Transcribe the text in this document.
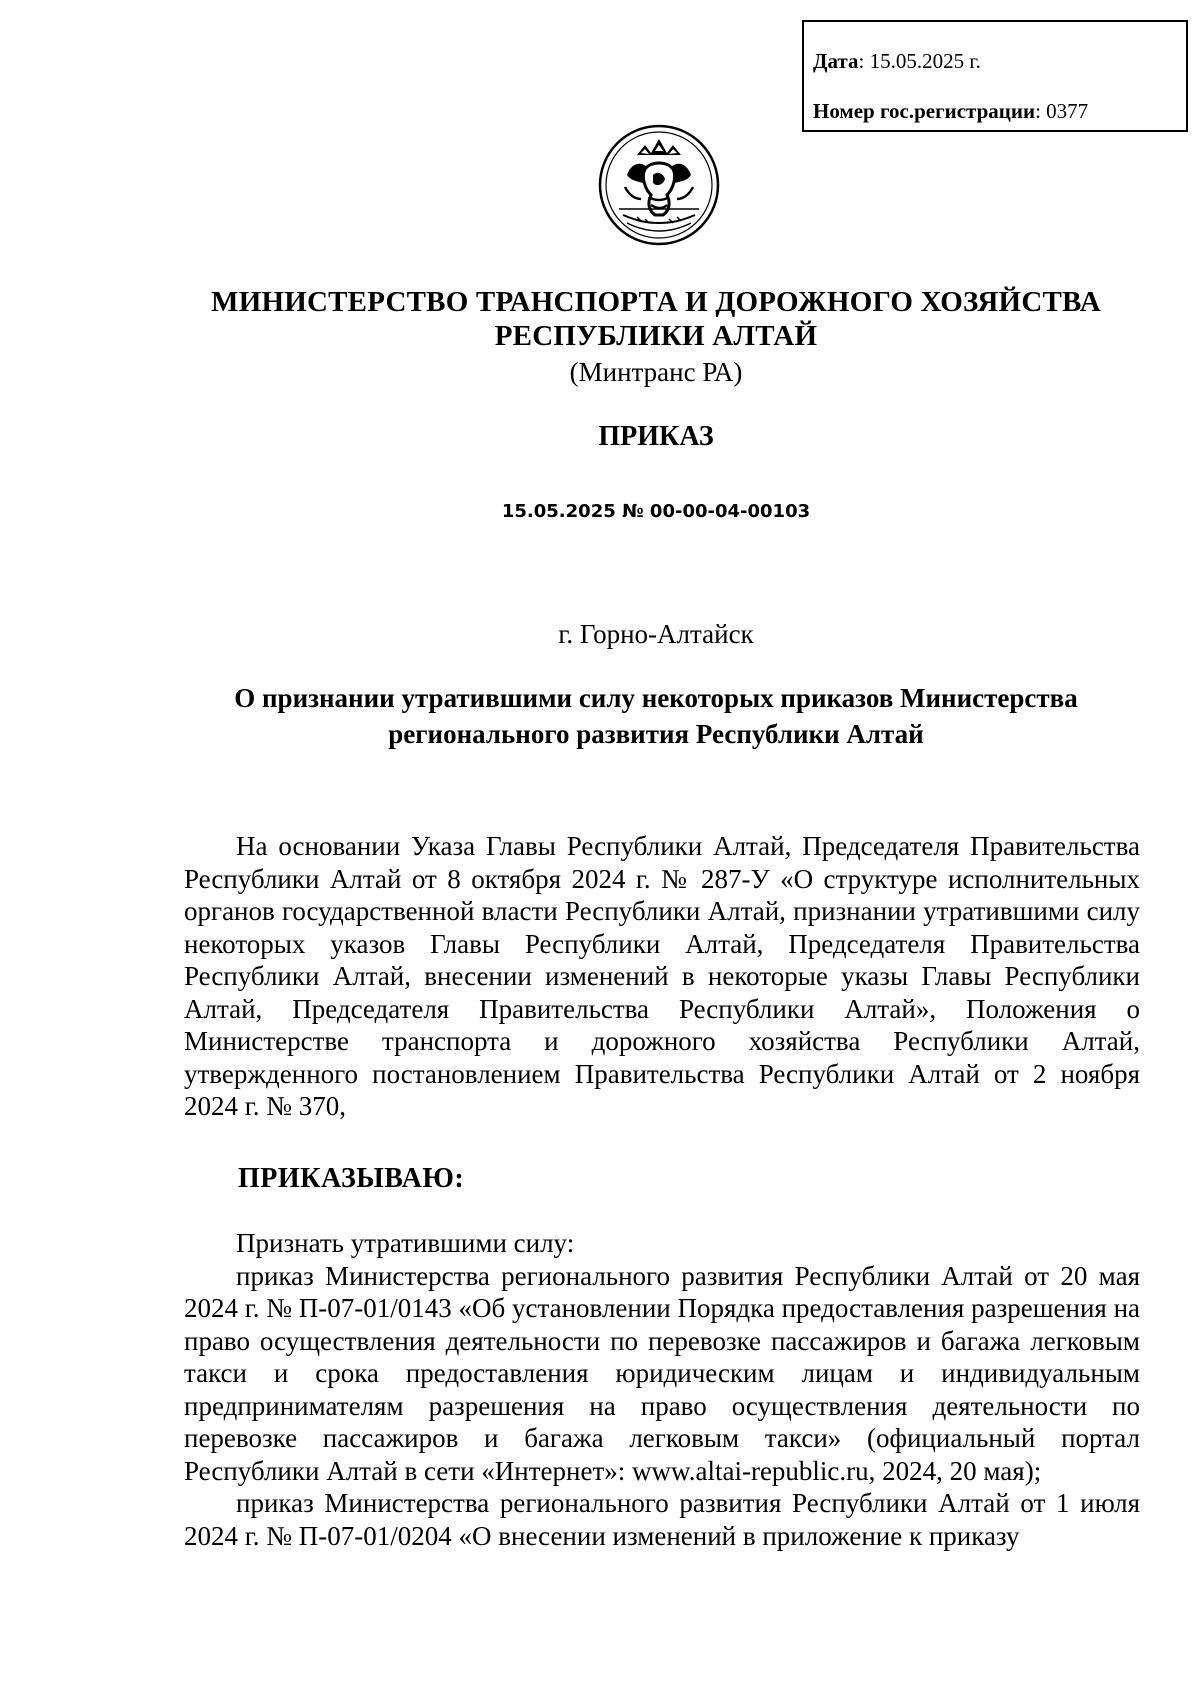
Дата: 15.05.2025 г.
Номер гос.регистрации: 0377
МИНИСТЕРСТВО ТРАНСПОРТА И ДОРОЖНОГО ХОЗЯЙСТВА
РЕСПУБЛИКИ АЛТАЙ
(Минтранс РА)
ПРИКАЗ
15.05.2025 № 00-00-04-00103
г. Горно-Алтайск
О признании утратившими силу некоторых приказов Министерства
регионального развития Республики Алтай

На основании Указа Главы Республики Алтай, Председателя Правительства Республики Алтай от 8 октября 2024 г. № 287-У «О структуре исполнительных органов государственной власти Республики Алтай, признании утратившими силу некоторых указов Главы Республики Алтай, Председателя Правительства Республики Алтай, внесении изменений в некоторые указы Главы Республики Алтай, Председателя Правительства Республики Алтай», Положения о Министерстве транспорта и дорожного хозяйства Республики Алтай, утвержденного постановлением Правительства Республики Алтай от 2 ноября 2024 г. № 370,

ПРИКАЗЫВАЮ:

Признать утратившими силу:

приказ Министерства регионального развития Республики Алтай от 20 мая 2024 г. № П-07-01/0143 «Об установлении Порядка предоставления разрешения на право осуществления деятельности по перевозке пассажиров и багажа легковым такси и срока предоставления юридическим лицам и индивидуальным предпринимателям разрешения на право осуществления деятельности по перевозке пассажиров и багажа легковым такси» (официальный портал Республики Алтай в сети «Интернет»: www.altai-republic.ru, 2024, 20 мая);

приказ Министерства регионального развития Республики Алтай от 1 июля 2024 г. № П-07-01/0204 «О внесении изменений в приложение к приказу
